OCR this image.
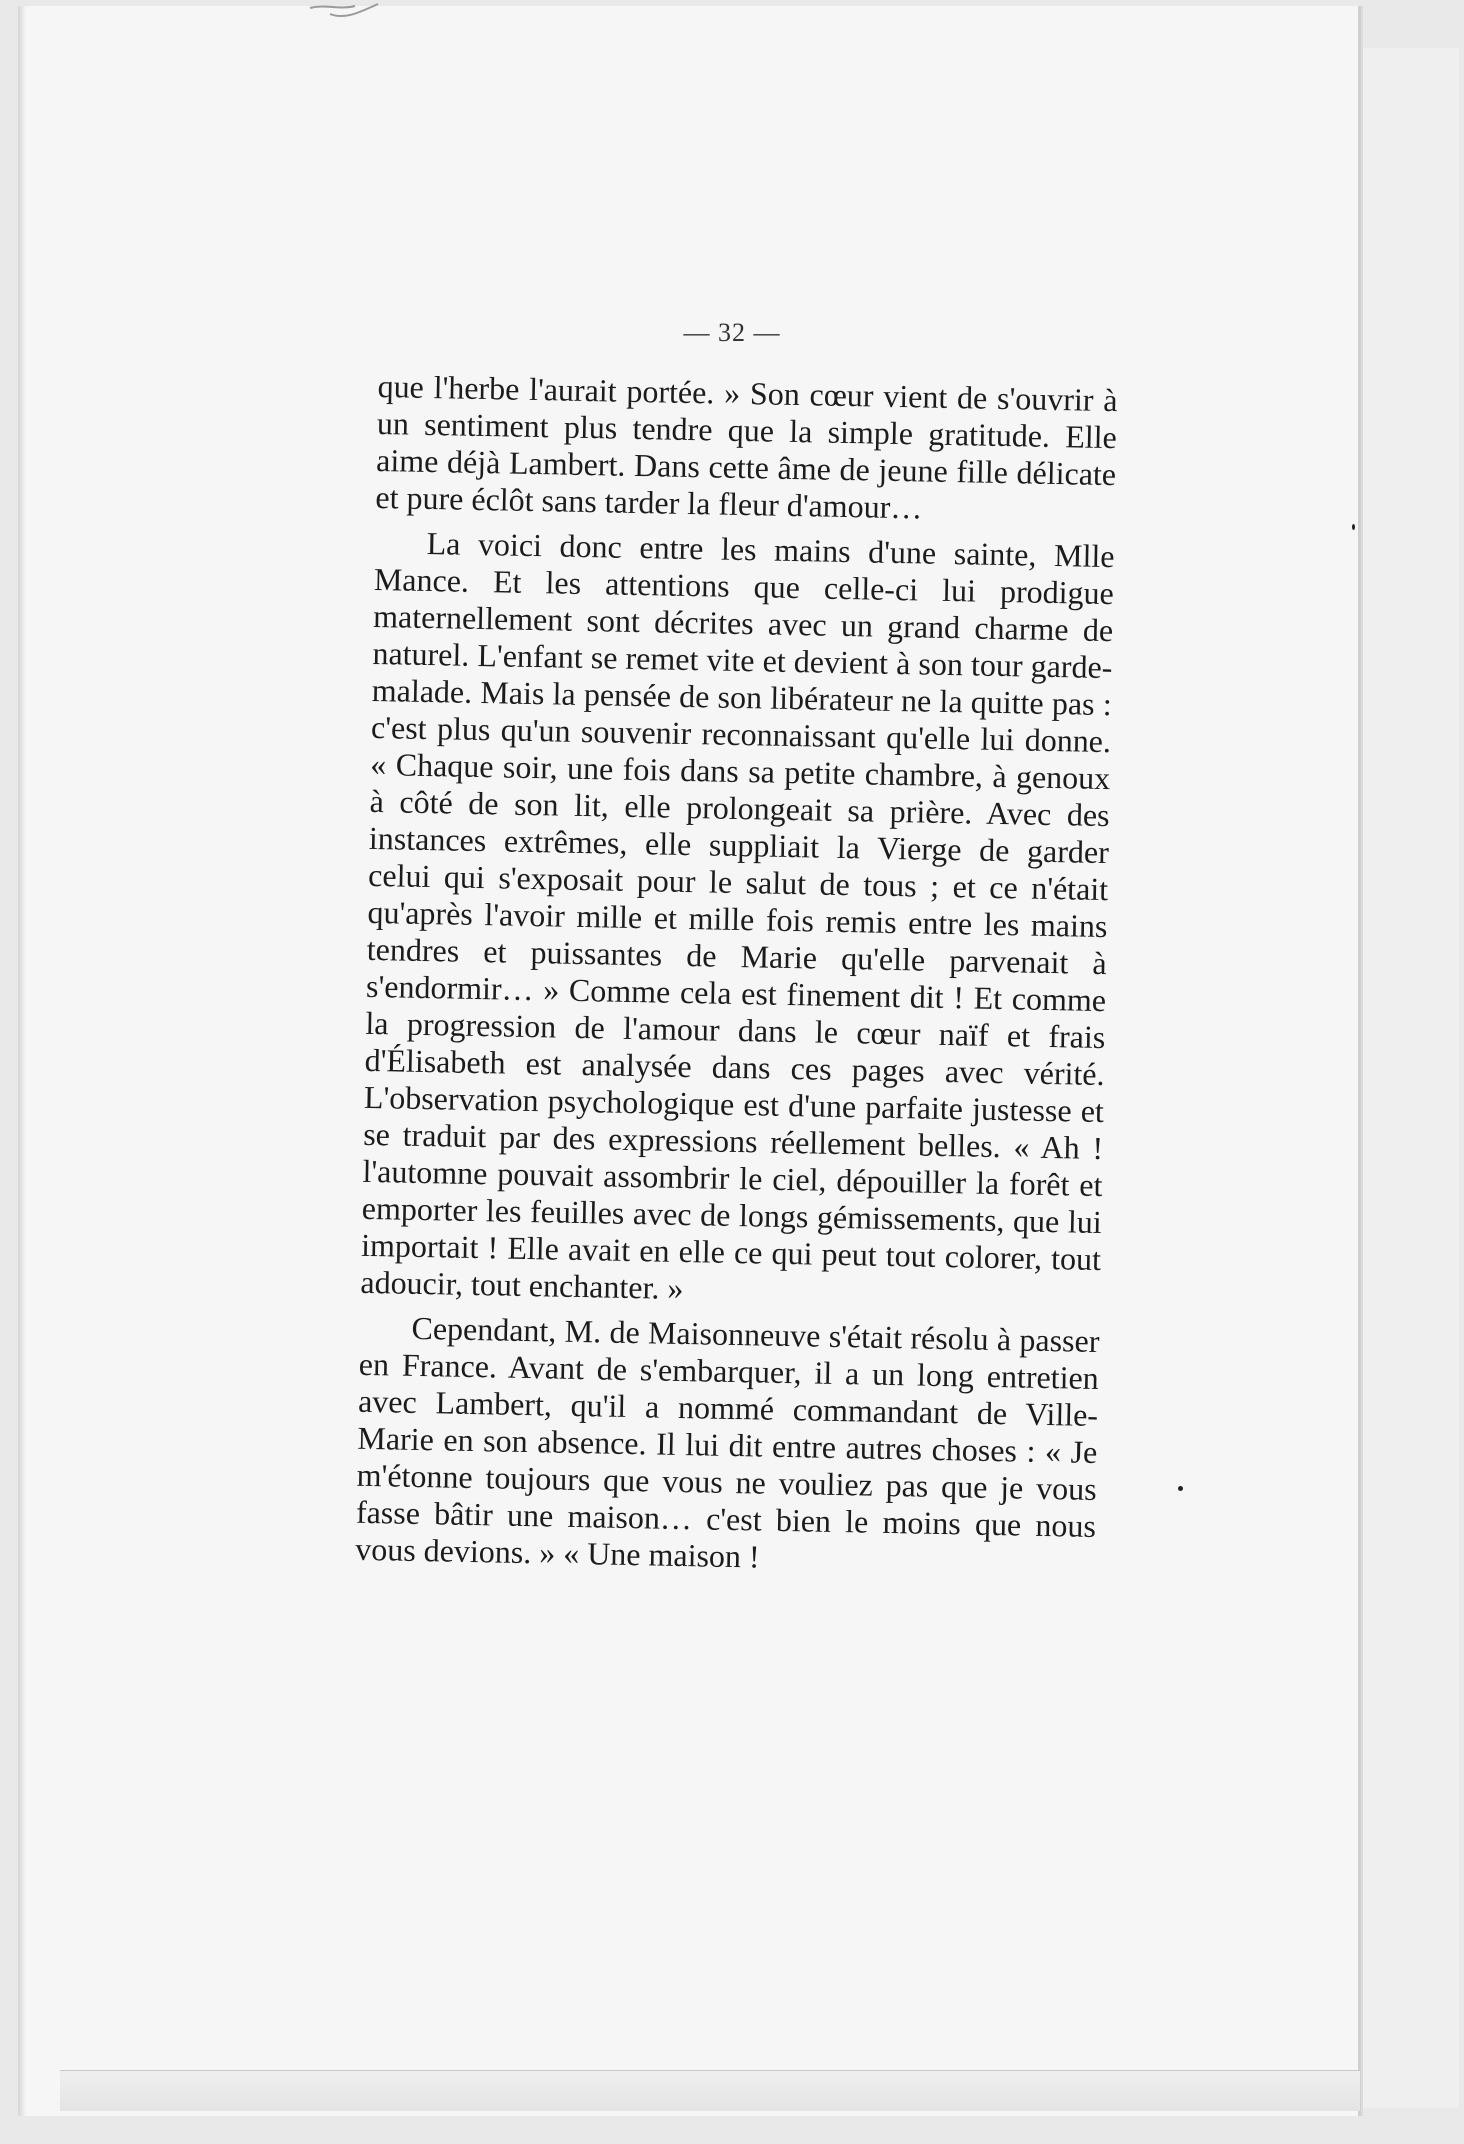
— 32 —

que l'herbe l'aurait portée. » Son cœur vient de s'ouvrir à un sentiment plus tendre que la simple gratitude. Elle aime déjà Lambert. Dans cette âme de jeune fille délicate et pure éclôt sans tarder la fleur d'amour…

La voici donc entre les mains d'une sainte, Mlle Mance. Et les attentions que celle-ci lui prodigue maternellement sont décrites avec un grand charme de naturel. L'enfant se remet vite et devient à son tour garde-malade. Mais la pensée de son libérateur ne la quitte pas : c'est plus qu'un souvenir reconnaissant qu'elle lui donne. « Chaque soir, une fois dans sa petite chambre, à genoux à côté de son lit, elle prolongeait sa prière. Avec des instances extrêmes, elle suppliait la Vierge de garder celui qui s'exposait pour le salut de tous ; et ce n'était qu'après l'avoir mille et mille fois remis entre les mains tendres et puissantes de Marie qu'elle parvenait à s'endormir… » Comme cela est finement dit ! Et comme la progression de l'amour dans le cœur naïf et frais d'Élisabeth est analysée dans ces pages avec vérité. L'observation psychologique est d'une parfaite justesse et se traduit par des expressions réellement belles. « Ah ! l'automne pouvait assombrir le ciel, dépouiller la forêt et emporter les feuilles avec de longs gémissements, que lui importait ! Elle avait en elle ce qui peut tout colorer, tout adoucir, tout enchanter. »

Cependant, M. de Maisonneuve s'était résolu à passer en France. Avant de s'embarquer, il a un long entretien avec Lambert, qu'il a nommé commandant de Ville-Marie en son absence. Il lui dit entre autres choses : « Je m'étonne toujours que vous ne vouliez pas que je vous fasse bâtir une maison… c'est bien le moins que nous vous devions. » « Une maison !
